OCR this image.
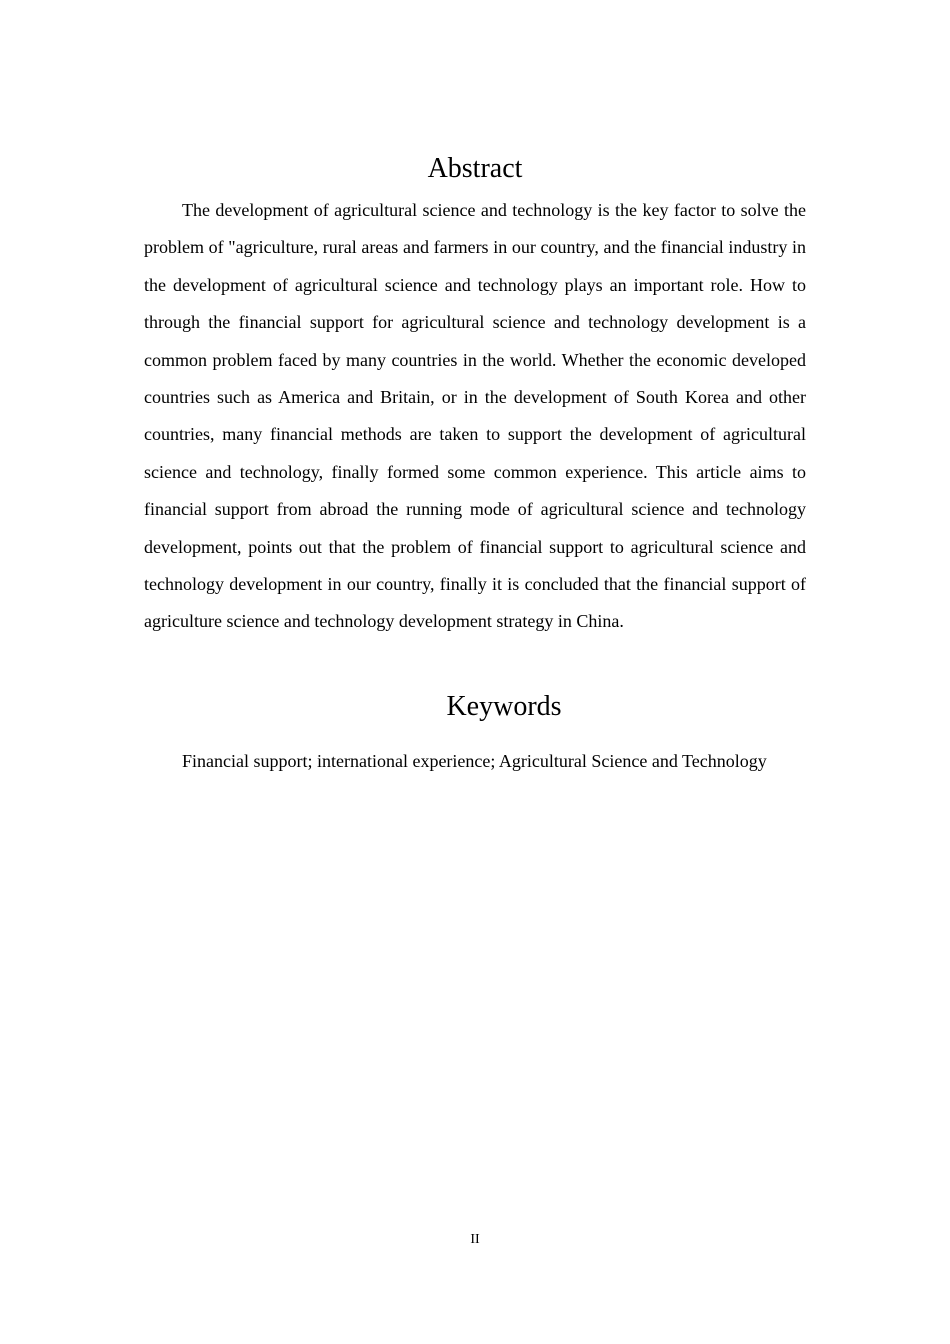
Abstract

The development of agricultural science and technology is the key factor to solve the problem of "agriculture, rural areas and farmers in our country, and the financial industry in the development of agricultural science and technology plays an important role. How to through the financial support for agricultural science and technology development is a common problem faced by many countries in the world. Whether the economic developed countries such as America and Britain, or in the development of South Korea and other countries, many financial methods are taken to support the development of agricultural science and technology, finally formed some common experience. This article aims to financial support from abroad the running mode of agricultural science and technology development, points out that the problem of financial support to agricultural science and technology development in our country, finally it is concluded that the financial support of agriculture science and technology development strategy in China.

Keywords

Financial support; international experience; Agricultural Science and Technology

II
